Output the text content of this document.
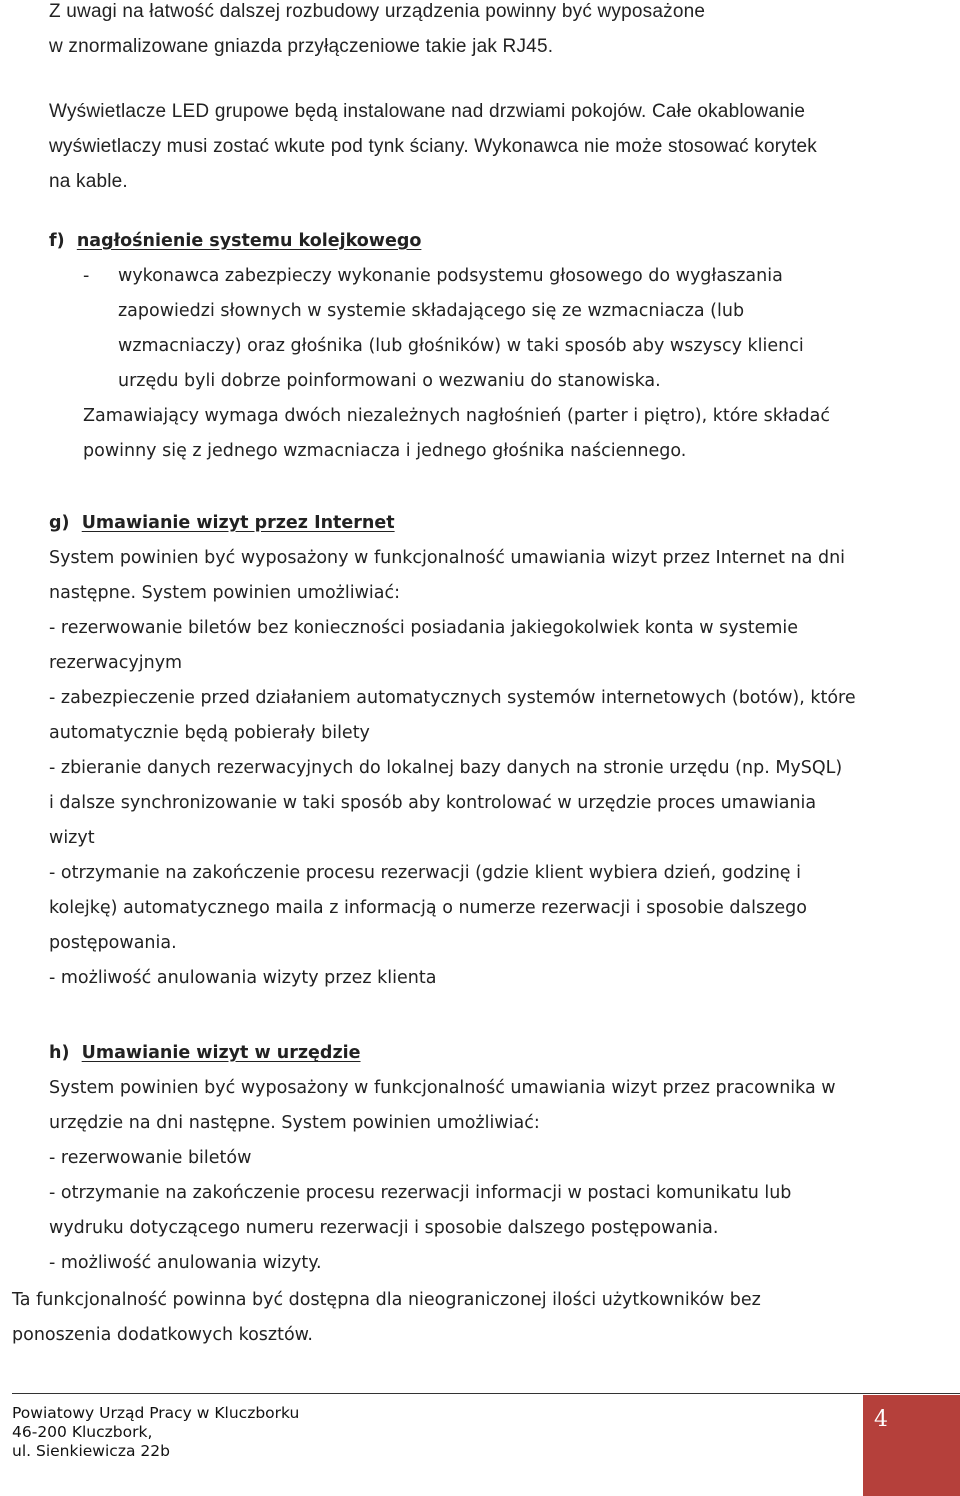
Z uwagi na łatwość dalszej rozbudowy urządzenia powinny być wyposażone
w znormalizowane gniazda przyłączeniowe takie jak RJ45.
Wyświetlacze LED grupowe będą instalowane nad drzwiami pokojów. Całe okablowanie
wyświetlaczy musi zostać wkute pod tynk ściany. Wykonawca nie może stosować korytek
na kable.
f) nagłośnienie systemu kolejkowego
- wykonawca zabezpieczy wykonanie podsystemu głosowego do wygłaszania
zapowiedzi słownych w systemie składającego się ze wzmacniacza (lub
wzmacniaczy) oraz głośnika (lub głośników) w taki sposób aby wszyscy klienci
urzędu byli dobrze poinformowani o wezwaniu do stanowiska.
Zamawiający wymaga dwóch niezależnych nagłośnień (parter i piętro), które składać
powinny się z jednego wzmacniacza i jednego głośnika naściennego.
g) Umawianie wizyt przez Internet
System powinien być wyposażony w funkcjonalność umawiania wizyt przez Internet na dni
następne. System powinien umożliwiać:
- rezerwowanie biletów bez konieczności posiadania jakiegokolwiek konta w systemie
rezerwacyjnym
- zabezpieczenie przed działaniem automatycznych systemów internetowych (botów), które
automatycznie będą pobierały bilety
- zbieranie danych rezerwacyjnych do lokalnej bazy danych na stronie urzędu (np. MySQL)
i dalsze synchronizowanie w taki sposób aby kontrolować w urzędzie proces umawiania
wizyt
- otrzymanie na zakończenie procesu rezerwacji (gdzie klient wybiera dzień, godzinę i
kolejkę) automatycznego maila z informacją o numerze rezerwacji i sposobie dalszego
postępowania.
- możliwość anulowania wizyty przez klienta
h) Umawianie wizyt w urzędzie
System powinien być wyposażony w funkcjonalność umawiania wizyt przez pracownika w
urzędzie na dni następne. System powinien umożliwiać:
- rezerwowanie biletów
- otrzymanie na zakończenie procesu rezerwacji informacji w postaci komunikatu lub
wydruku dotyczącego numeru rezerwacji i sposobie dalszego postępowania.
- możliwość anulowania wizyty.
Ta funkcjonalność powinna być dostępna dla nieograniczonej ilości użytkowników bez
ponoszenia dodatkowych kosztów.
Powiatowy Urząd Pracy w Kluczborku
46-200 Kluczbork,
ul. Sienkiewicza 22b
4
